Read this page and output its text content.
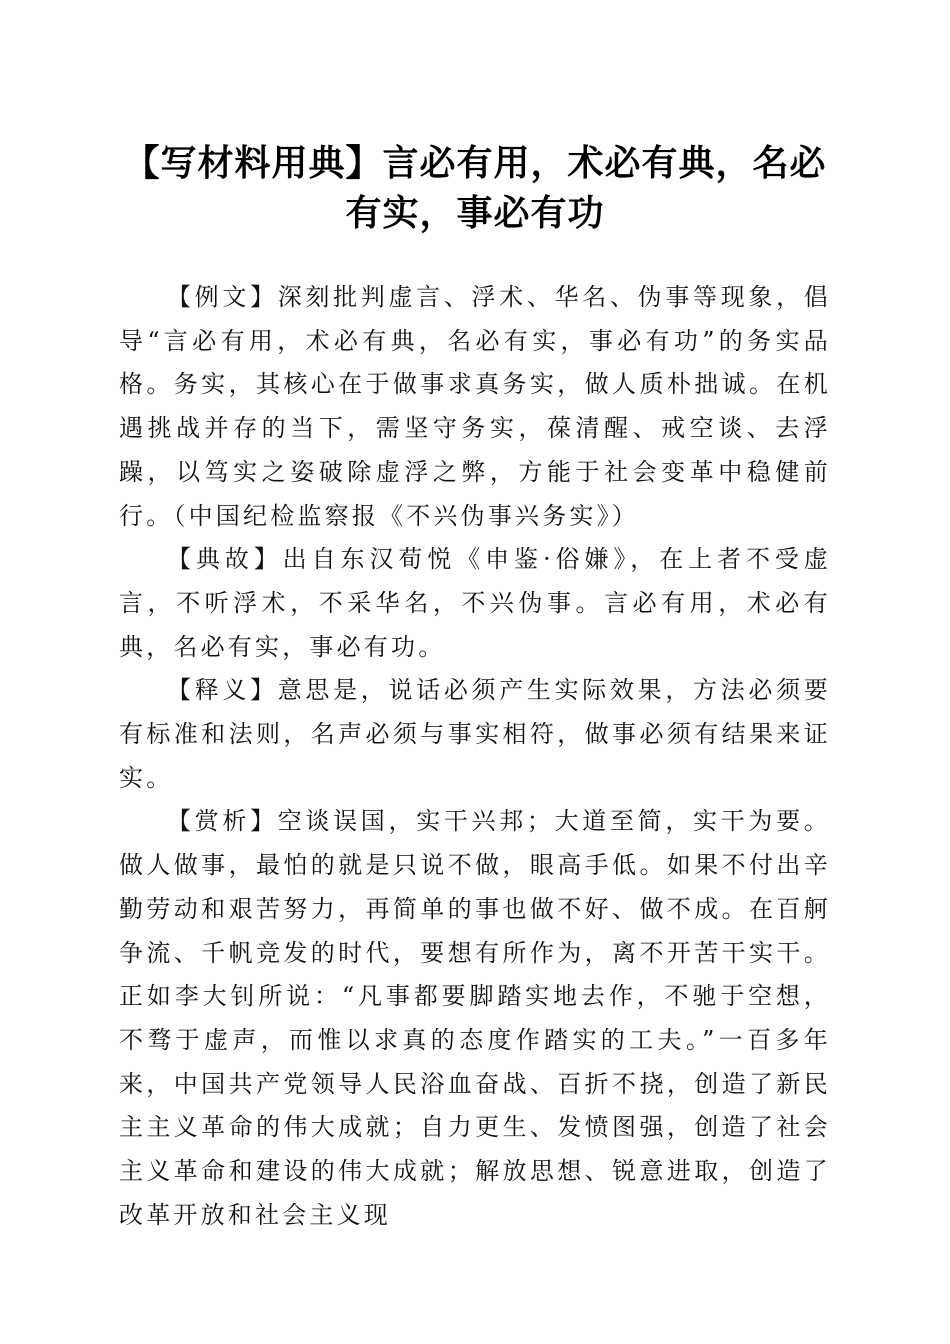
【写材料用典】言必有用，术必有典，名必有实，事必有功

【例文】深刻批判虚言、浮术、华名、伪事等现象，倡导“言必有用，术必有典，名必有实，事必有功”的务实品格。务实，其核心在于做事求真务实，做人质朴拙诚。在机遇挑战并存的当下，需坚守务实，葆清醒、戒空谈、去浮躁，以笃实之姿破除虚浮之弊，方能于社会变革中稳健前行。（中国纪检监察报《不兴伪事兴务实》）

【典故】出自东汉荀悦《申鉴·俗嫌》，在上者不受虚言，不听浮术，不采华名，不兴伪事。言必有用，术必有典，名必有实，事必有功。

【释义】意思是，说话必须产生实际效果，方法必须要有标准和法则，名声必须与事实相符，做事必须有结果来证实。

【赏析】空谈误国，实干兴邦；大道至简，实干为要。做人做事，最怕的就是只说不做，眼高手低。如果不付出辛勤劳动和艰苦努力，再简单的事也做不好、做不成。在百舸争流、千帆竞发的时代，要想有所作为，离不开苦干实干。正如李大钊所说：“凡事都要脚踏实地去作，不驰于空想，不骛于虚声，而惟以求真的态度作踏实的工夫。”一百多年来，中国共产党领导人民浴血奋战、百折不挠，创造了新民主主义革命的伟大成就；自力更生、发愤图强，创造了社会主义革命和建设的伟大成就；解放思想、锐意进取，创造了改革开放和社会主义现
